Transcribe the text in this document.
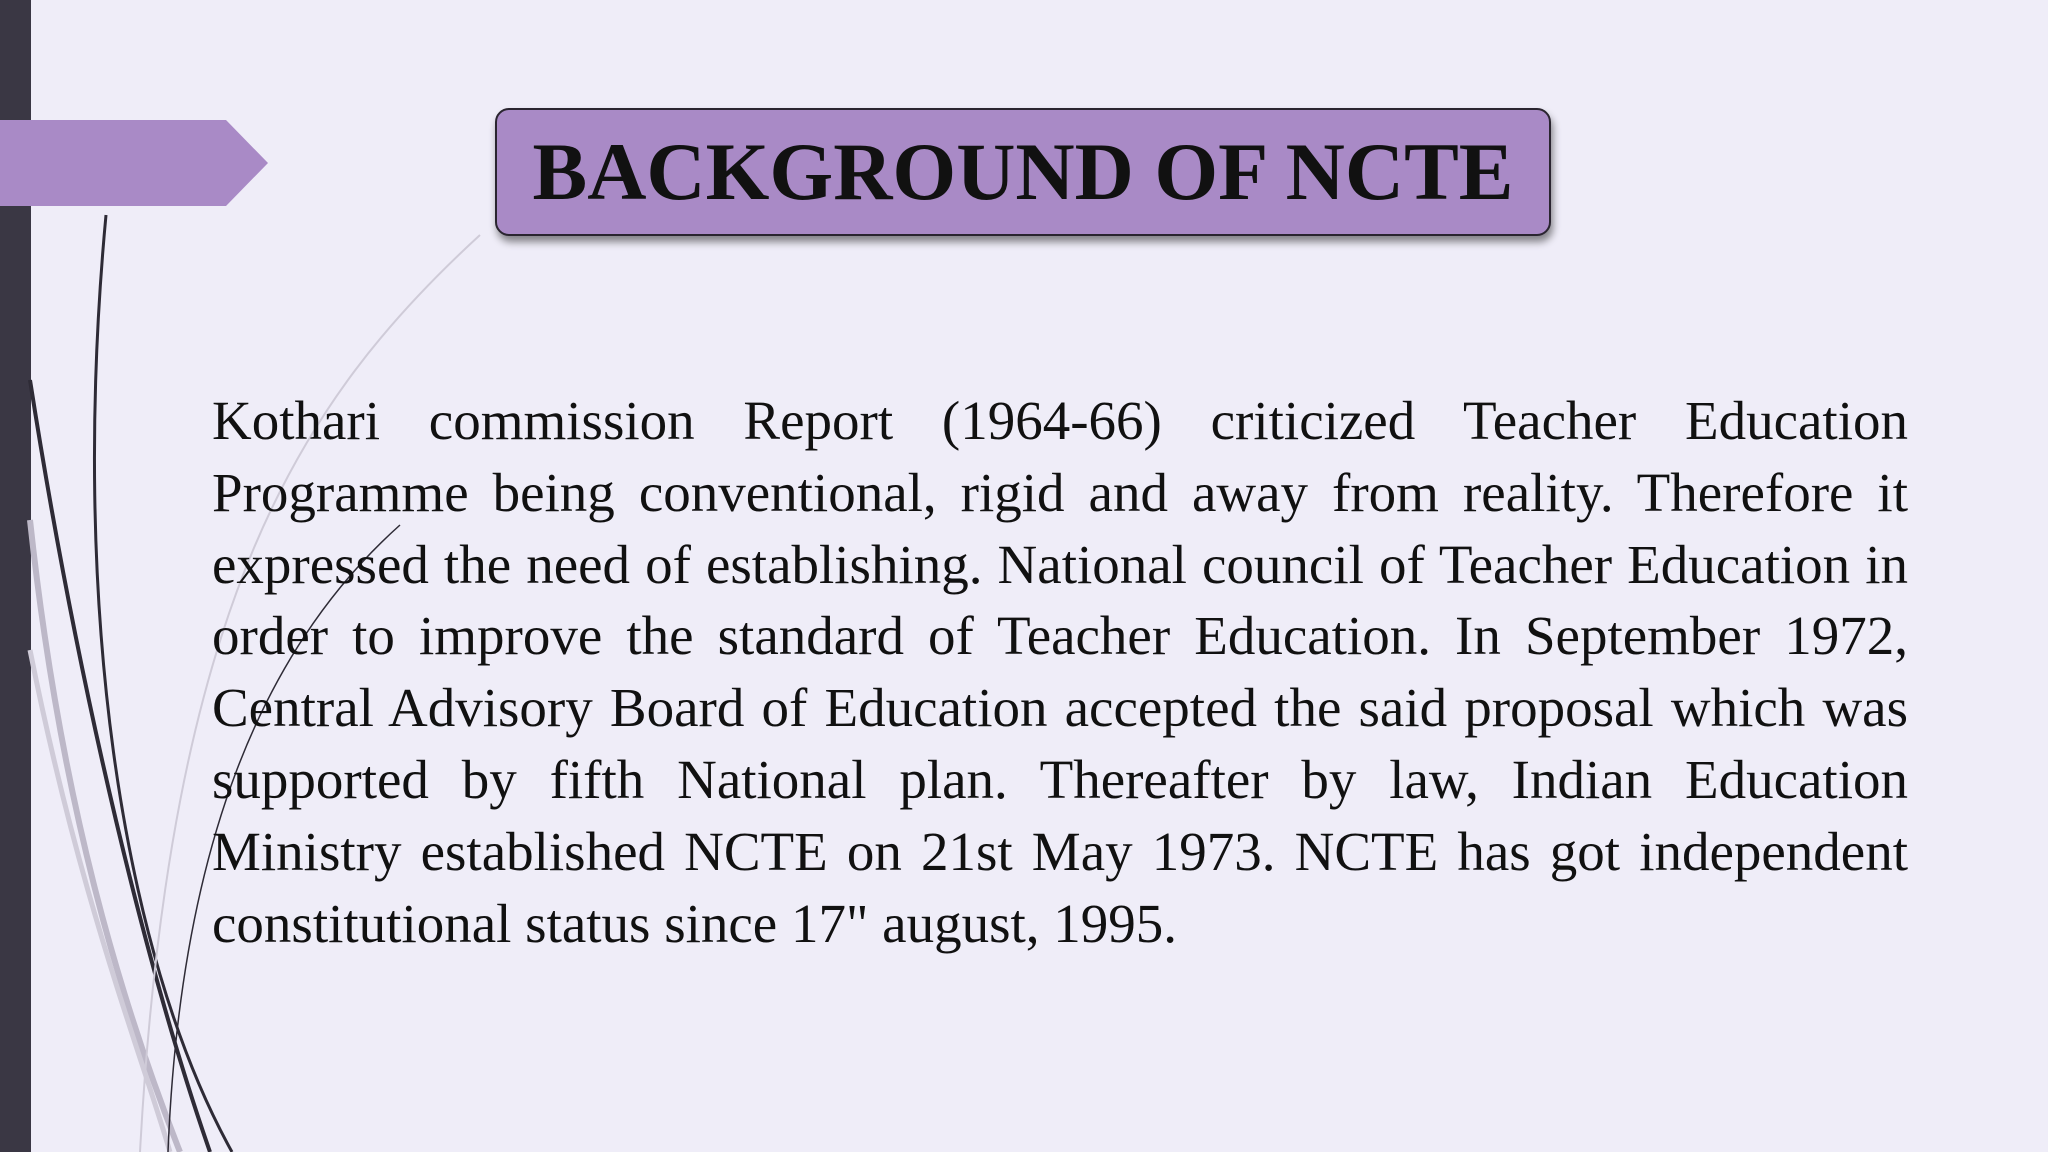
BACKGROUND OF NCTE

Kothari commission Report (1964-66) criticized Teacher Education Programme being conventional, rigid and away from reality. Therefore it expressed the need of establishing. National council of Teacher Education in order to improve the standard of Teacher Education. In September 1972, Central Advisory Board of Education accepted the said proposal which was supported by fifth National plan. Thereafter by law, Indian Education Ministry established NCTE on 21st May 1973. NCTE has got independent constitutional status since 17" august, 1995.
